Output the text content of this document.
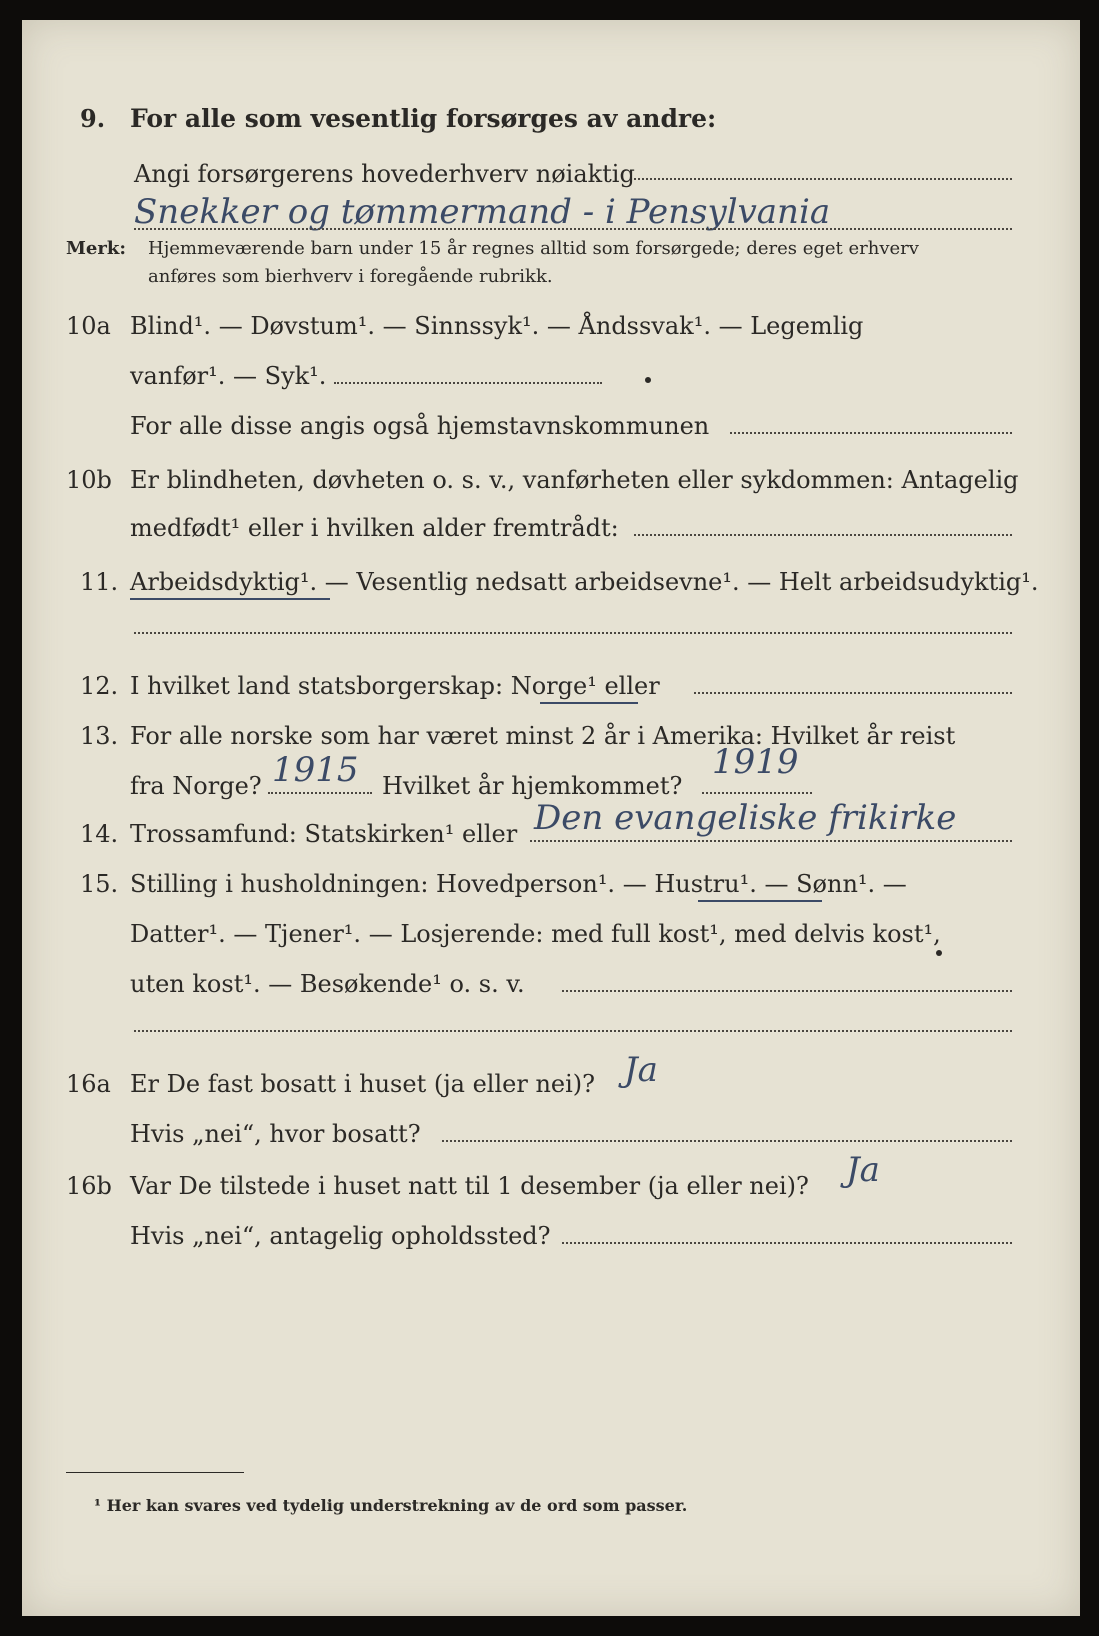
9. For alle som vesentlig forsørges av andre:
Angi forsørgerens hovederhverv nøiaktig
Snekker og tømmermand - i Pensylvania
Merk: Hjemmeværende barn under 15 år regnes alltid som forsørgede; deres eget erhverv
anføres som bierhverv i foregående rubrikk.
10a Blind¹. — Døvstum¹. — Sinnssyk¹. — Åndssvak¹. — Legemlig
vanfør¹. — Syk¹.
For alle disse angis også hjemstavnskommunen
10b Er blindheten, døvheten o. s. v., vanførheten eller sykdommen: Antagelig
medfødt¹ eller i hvilken alder fremtrådt:
11. Arbeidsdyktig¹. — Vesentlig nedsatt arbeidsevne¹. — Helt arbeidsudyktig¹.
12. I hvilket land statsborgerskap: Norge¹ eller
13. For alle norske som har været minst 2 år i Amerika: Hvilket år reist
fra Norge? 1915 Hvilket år hjemkommet?
1919
14. Trossamfund: Statskirken¹ eller Den evangeliske frikirke
15. Stilling i husholdningen: Hovedperson¹. — Hustru¹. — Sønn¹. —
Datter¹. — Tjener¹. — Losjerende: med full kost¹, med delvis kost¹,
uten kost¹. — Besøkende¹ o. s. v.
16a Er De fast bosatt i huset (ja eller nei)? Ja
Hvis „nei“, hvor bosatt?
16b Var De tilstede i huset natt til 1 desember (ja eller nei)? Ja
Hvis „nei“, antagelig opholdssted?
¹ Her kan svares ved tydelig understrekning av de ord som passer.
